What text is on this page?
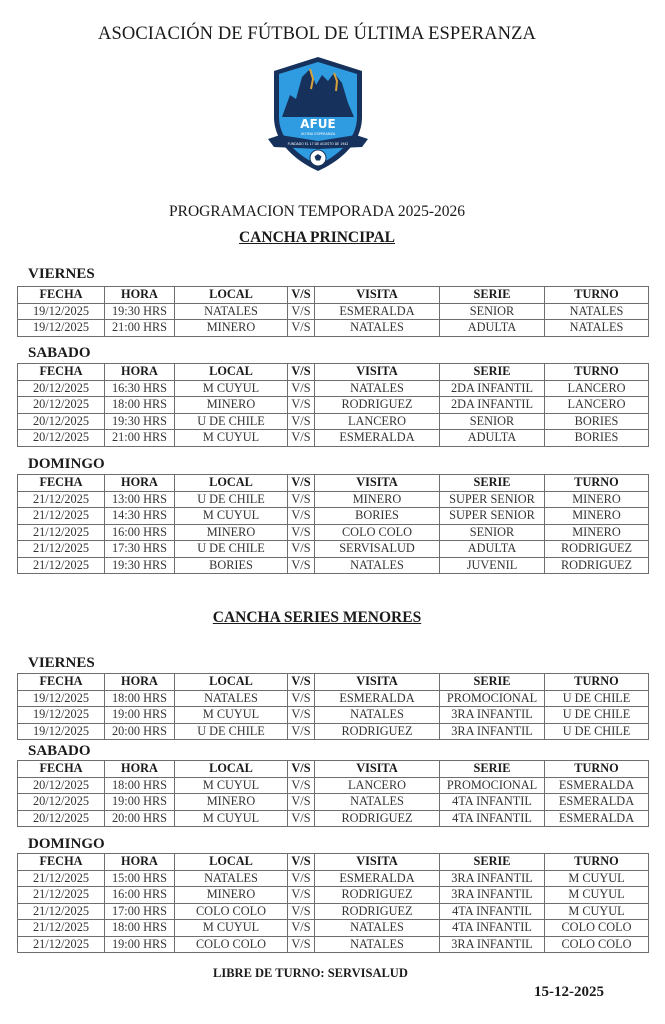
ASOCIACIÓN DE FÚTBOL DE ÚLTIMA ESPERANZA
AFUE
ULTIMA ESPERANZA
FUNDADO EL 17 DE AGOSTO DE 1942
PROGRAMACION TEMPORADA 2025-2026
CANCHA PRINCIPAL
VIERNES
FECHA	HORA	LOCAL	V/S	VISITA	SERIE	TURNO
19/12/2025	19:30 HRS	NATALES	V/S	ESMERALDA	SENIOR	NATALES
19/12/2025	21:00 HRS	MINERO	V/S	NATALES	ADULTA	NATALES
SABADO
FECHA	HORA	LOCAL	V/S	VISITA	SERIE	TURNO
20/12/2025	16:30 HRS	M CUYUL	V/S	NATALES	2DA INFANTIL	LANCERO
20/12/2025	18:00 HRS	MINERO	V/S	RODRIGUEZ	2DA INFANTIL	LANCERO
20/12/2025	19:30 HRS	U DE CHILE	V/S	LANCERO	SENIOR	BORIES
20/12/2025	21:00 HRS	M CUYUL	V/S	ESMERALDA	ADULTA	BORIES
DOMINGO
FECHA	HORA	LOCAL	V/S	VISITA	SERIE	TURNO
21/12/2025	13:00 HRS	U DE CHILE	V/S	MINERO	SUPER SENIOR	MINERO
21/12/2025	14:30 HRS	M CUYUL	V/S	BORIES	SUPER SENIOR	MINERO
21/12/2025	16:00 HRS	MINERO	V/S	COLO COLO	SENIOR	MINERO
21/12/2025	17:30 HRS	U DE CHILE	V/S	SERVISALUD	ADULTA	RODRIGUEZ
21/12/2025	19:30 HRS	BORIES	V/S	NATALES	JUVENIL	RODRIGUEZ
CANCHA SERIES MENORES
VIERNES
FECHA	HORA	LOCAL	V/S	VISITA	SERIE	TURNO
19/12/2025	18:00 HRS	NATALES	V/S	ESMERALDA	PROMOCIONAL	U DE CHILE
19/12/2025	19:00 HRS	M CUYUL	V/S	NATALES	3RA INFANTIL	U DE CHILE
19/12/2025	20:00 HRS	U DE CHILE	V/S	RODRIGUEZ	3RA INFANTIL	U DE CHILE
SABADO
FECHA	HORA	LOCAL	V/S	VISITA	SERIE	TURNO
20/12/2025	18:00 HRS	M CUYUL	V/S	LANCERO	PROMOCIONAL	ESMERALDA
20/12/2025	19:00 HRS	MINERO	V/S	NATALES	4TA INFANTIL	ESMERALDA
20/12/2025	20:00 HRS	M CUYUL	V/S	RODRIGUEZ	4TA INFANTIL	ESMERALDA
DOMINGO
FECHA	HORA	LOCAL	V/S	VISITA	SERIE	TURNO
21/12/2025	15:00 HRS	NATALES	V/S	ESMERALDA	3RA INFANTIL	M CUYUL
21/12/2025	16:00 HRS	MINERO	V/S	RODRIGUEZ	3RA INFANTIL	M CUYUL
21/12/2025	17:00 HRS	COLO COLO	V/S	RODRIGUEZ	4TA INFANTIL	M CUYUL
21/12/2025	18:00 HRS	M CUYUL	V/S	NATALES	4TA INFANTIL	COLO COLO
21/12/2025	19:00 HRS	COLO COLO	V/S	NATALES	3RA INFANTIL	COLO COLO
LIBRE DE TURNO: SERVISALUD
15-12-2025
